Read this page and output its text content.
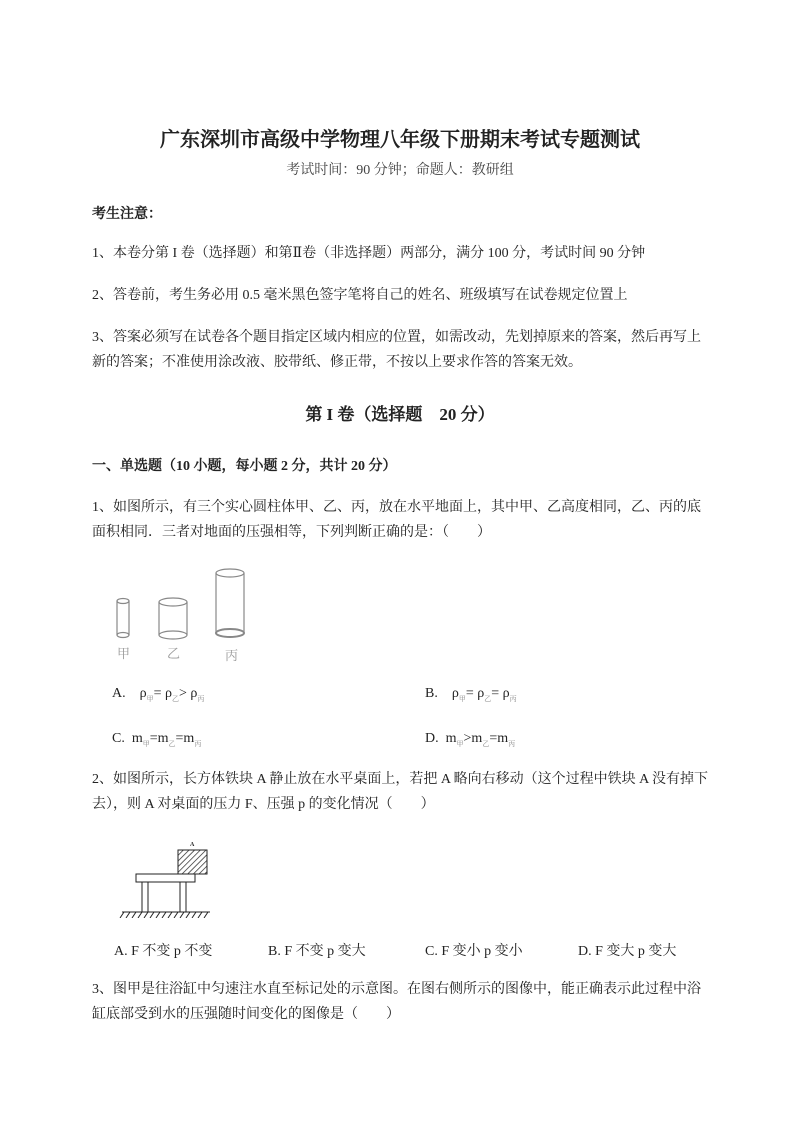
广东深圳市高级中学物理八年级下册期末考试专题测试
考试时间：90 分钟；命题人：教研组
考生注意：
1、本卷分第 I 卷（选择题）和第Ⅱ卷（非选择题）两部分，满分 100 分，考试时间 90 分钟
2、答卷前，考生务必用 0.5 毫米黑色签字笔将自己的姓名、班级填写在试卷规定位置上
3、答案必须写在试卷各个题目指定区域内相应的位置，如需改动，先划掉原来的答案，然后再写上新的答案；不准使用涂改液、胶带纸、修正带，不按以上要求作答的答案无效。
第 I 卷（选择题　20 分）
一、单选题（10 小题，每小题 2 分，共计 20 分）
1、如图所示，有三个实心圆柱体甲、乙、丙，放在水平地面上，其中甲、乙高度相同，乙、丙的底面积相同．三者对地面的压强相等，下列判断正确的是：（　　）
甲	乙	丙
A. $\rho_甲= \rho_乙> \rho_丙$	B. $\rho_甲= \rho_乙= \rho_丙$
C. $m_甲=m_乙=m_丙$	D. $m_甲>m_乙=m_丙$
2、如图所示，长方体铁块 A 静止放在水平桌面上，若把 A 略向右移动（这个过程中铁块 A 没有掉下去），则 A 对桌面的压力 F、压强 p 的变化情况（　　）
A
A. F 不变 p 不变	B. F 不变 p 变大	C. F 变小 p 变小	D. F 变大 p 变大
3、图甲是往浴缸中匀速注水直至标记处的示意图。在图右侧所示的图像中，能正确表示此过程中浴缸底部受到水的压强随时间变化的图像是（　　）
